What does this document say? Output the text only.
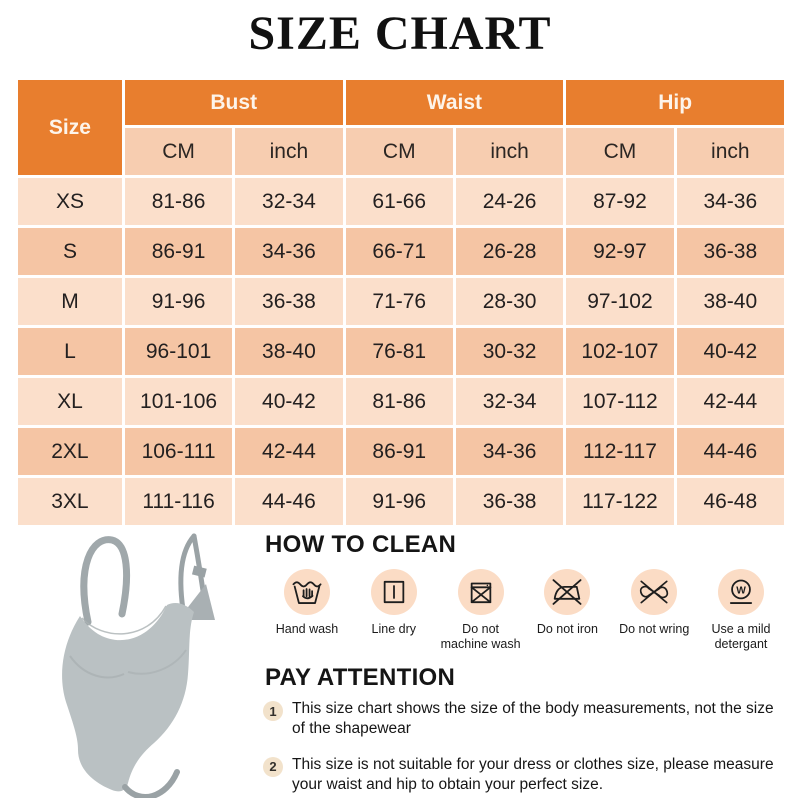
SIZE CHART
Size	Bust		Waist		Hip	
	CM	inch	CM	inch	CM	inch
XS	81-86	32-34	61-66	24-26	87-92	34-36
S	86-91	34-36	66-71	26-28	92-97	36-38
M	91-96	36-38	71-76	28-30	97-102	38-40
L	96-101	38-40	76-81	30-32	102-107	40-42
XL	101-106	40-42	81-86	32-34	107-112	42-44
2XL	106-111	42-44	86-91	34-36	112-117	44-46
3XL	111-116	44-46	91-96	36-38	117-122	46-48
HOW TO CLEAN
Hand wash	Line dry	Do not machine wash
Do not iron	Do not wring
W
Use a mild detergant
PAY ATTENTION
1 This size chart shows the size of the body measurements, not the size of the shapewear
2 This size is not suitable for your dress or clothes size, please measure your waist and hip to obtain your perfect size.
